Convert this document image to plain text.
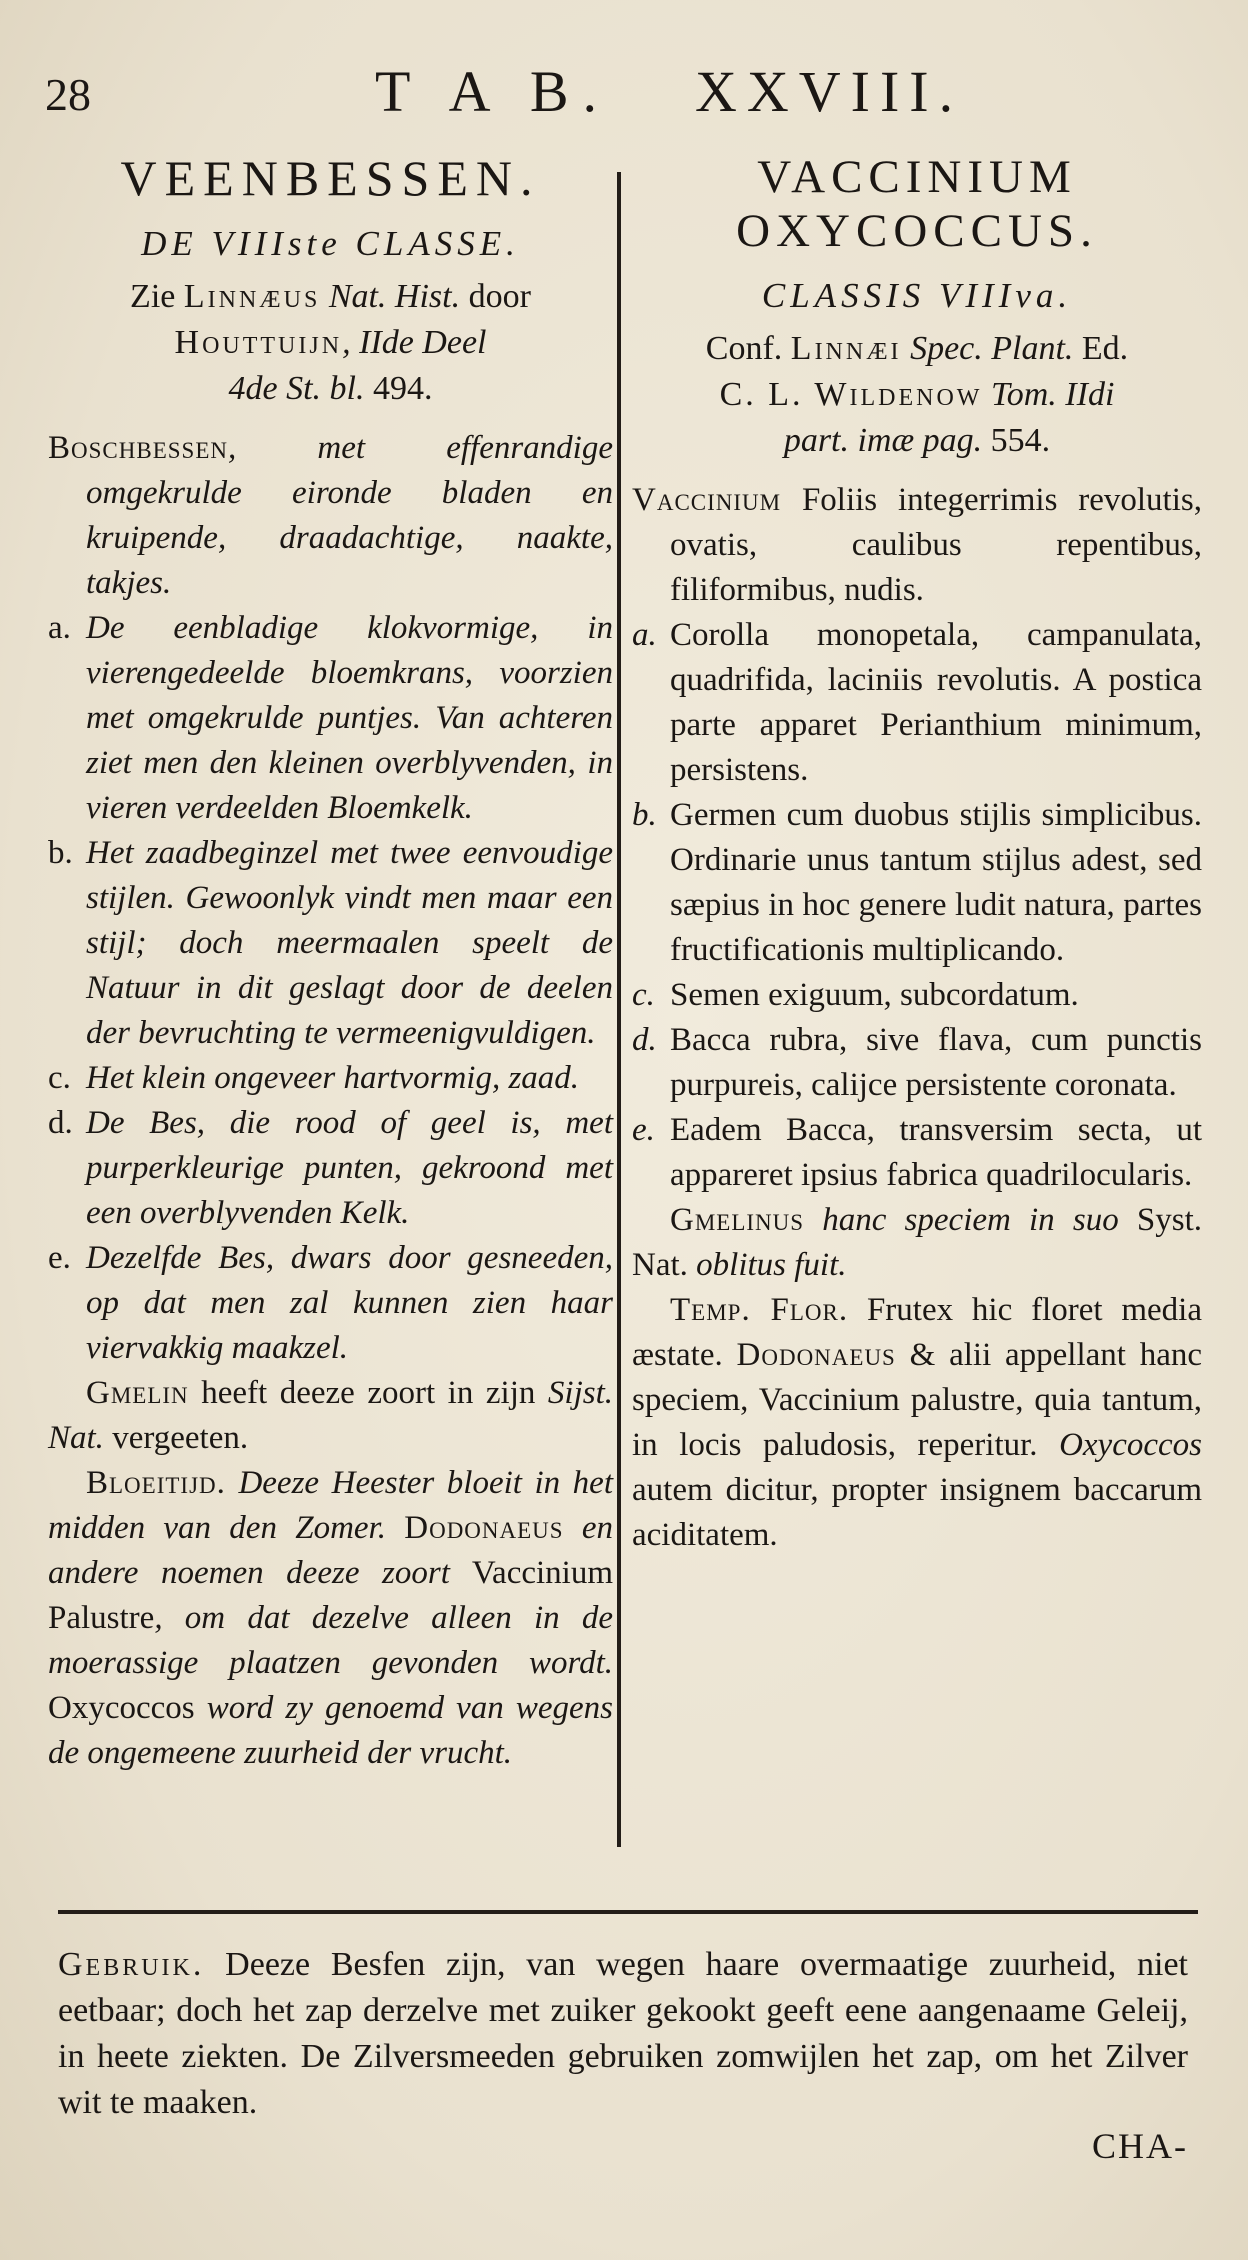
28	T A B. XXVIII.

VEENBESSEN.

DE VIIIste CLASSE.

Zie Linnæus Nat. Hist. door
Houttuijn, IIde Deel
4de St. bl. 494.

Boschbessen, met effenrandige omgekrulde eironde bladen en kruipende, draadachtige, naakte, takjes.

a. De eenbladige klokvormige, in vierengedeelde bloemkrans, voorzien met omgekrulde puntjes. Van achteren ziet men den kleinen overblyvenden, in vieren verdeelden Bloemkelk.

b. Het zaadbeginzel met twee eenvoudige stijlen. Gewoonlyk vindt men maar een stijl; doch meermaalen speelt de Natuur in dit geslagt door de deelen der bevruchting te vermeenigvuldigen.

c. Het klein ongeveer hartvormig, zaad.

d. De Bes, die rood of geel is, met purperkleurige punten, gekroond met een overblyvenden Kelk.

e. Dezelfde Bes, dwars door gesneeden, op dat men zal kunnen zien haar viervakkig maakzel.

Gmelin heeft deeze zoort in zijn Sijst. Nat. vergeeten.

Bloeitijd. Deeze Heester bloeit in het midden van den Zomer. Dodonaeus en andere noemen deeze zoort Vaccinium Palustre, om dat dezelve alleen in de moerassige plaatzen gevonden wordt. Oxycoccos word zy genoemd van wegens de ongemeene zuurheid der vrucht.

VACCINIUM

OXYCOCCUS.

CLASSIS VIIIva.

Conf. Linnæi Spec. Plant. Ed.
C. L. Wildenow Tom. IIdi
part. imæ pag. 554.

Vaccinium Foliis integerrimis revolutis, ovatis, caulibus repentibus, filiformibus, nudis.

a. Corolla monopetala, campanulata, quadrifida, laciniis revolutis. A postica parte apparet Perianthium minimum, persistens.

b. Germen cum duobus stijlis simplicibus. Ordinarie unus tantum stijlus adest, sed sæpius in hoc genere ludit natura, partes fructificationis multiplicando.

c. Semen exiguum, subcordatum.

d. Bacca rubra, sive flava, cum punctis purpureis, calijce persistente coronata.

e. Eadem Bacca, transversim secta, ut appareret ipsius fabrica quadrilocularis.

Gmelinus hanc speciem in suo Syst. Nat. oblitus fuit.

Temp. Flor. Frutex hic floret media æstate. Dodonaeus & alii appellant hanc speciem, Vaccinium palustre, quia tantum, in locis paludosis, reperitur. Oxycoccos autem dicitur, propter insignem baccarum aciditatem.

Gebruik. Deeze Besfen zijn, van wegen haare overmaatige zuurheid, niet eetbaar; doch het zap derzelve met zuiker gekookt geeft eene aangenaame Geleij, in heete ziekten. De Zilversmeeden gebruiken zomwijlen het zap, om het Zilver wit te maaken.

CHA-
